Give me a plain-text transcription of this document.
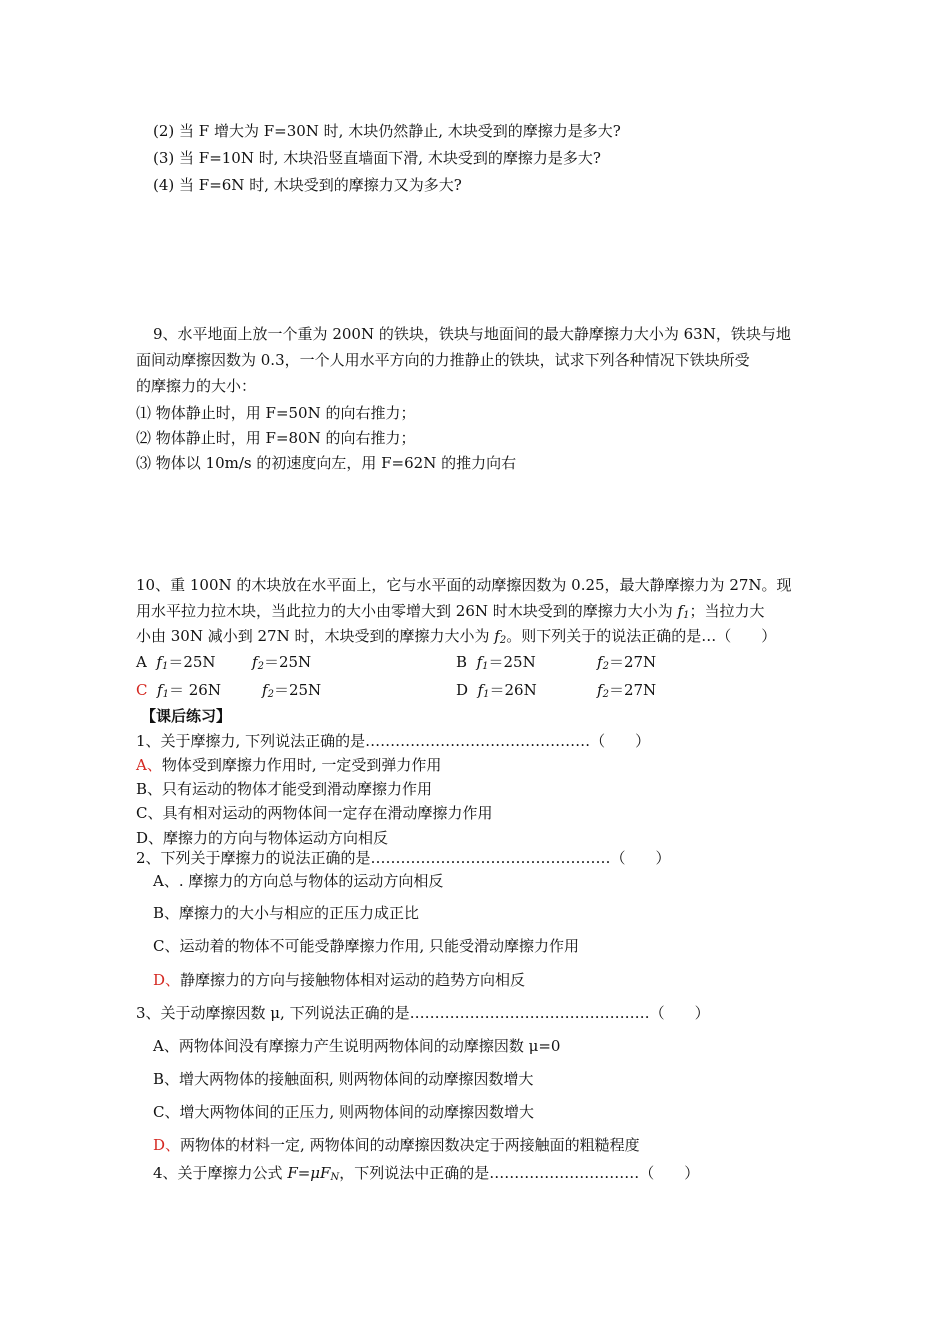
(2) 当 F 增大为 F=30N 时, 木块仍然静止, 木块受到的摩擦力是多大?
(3) 当 F=10N 时, 木块沿竖直墙面下滑, 木块受到的摩擦力是多大?
(4) 当 F=6N 时, 木块受到的摩擦力又为多大?
9、水平地面上放一个重为 200N 的铁块，铁块与地面间的最大静摩擦力大小为 63N，铁块与地
面间动摩擦因数为 0.3，一个人用水平方向的力推静止的铁块，试求下列各种情况下铁块所受
的摩擦力的大小：
⑴ 物体静止时，用 F=50N 的向右推力；
⑵ 物体静止时，用 F=80N 的向右推力；
⑶ 物体以 10m/s 的初速度向左，用 F=62N 的推力向右
10、重 100N 的木块放在水平面上，它与水平面的动摩擦因数为 0.25，最大静摩擦力为 27N。现
用水平拉力拉木块，当此拉力的大小由零增大到 26N 时木块受到的摩擦力大小为 $f_1$；当拉力大
小由 30N 减小到 27N 时，木块受到的摩擦力大小为 $f_2$。则下列关于的说法正确的是…（　　）
A $f_1=25N$ $f_2=25N$	B $f_1=25N$	$f_2=27N$
C $f_1= 26N$	$f_2=25N$	D $f_1=26N$	$f_2=27N$
【课后练习】
1、关于摩擦力, 下列说法正确的是………………………………………（　　）
A、物体受到摩擦力作用时, 一定受到弹力作用
B、只有运动的物体才能受到滑动摩擦力作用
C、具有相对运动的两物体间一定存在滑动摩擦力作用
D、摩擦力的方向与物体运动方向相反
2、下列关于摩擦力的说法正确的是…………………………………………（　　）
A、. 摩擦力的方向总与物体的运动方向相反
B、摩擦力的大小与相应的正压力成正比
C、运动着的物体不可能受静摩擦力作用, 只能受滑动摩擦力作用
D、静摩擦力的方向与接触物体相对运动的趋势方向相反
3、关于动摩擦因数 μ, 下列说法正确的是…………………………………………（　　）
A、两物体间没有摩擦力产生说明两物体间的动摩擦因数 μ=0
B、增大两物体的接触面积, 则两物体间的动摩擦因数增大
C、增大两物体间的正压力, 则两物体间的动摩擦因数增大
D、两物体的材料一定, 两物体间的动摩擦因数决定于两接触面的粗糙程度
4、关于摩擦力公式 $F=\mu F_N$，下列说法中正确的是…………………………（　　）
